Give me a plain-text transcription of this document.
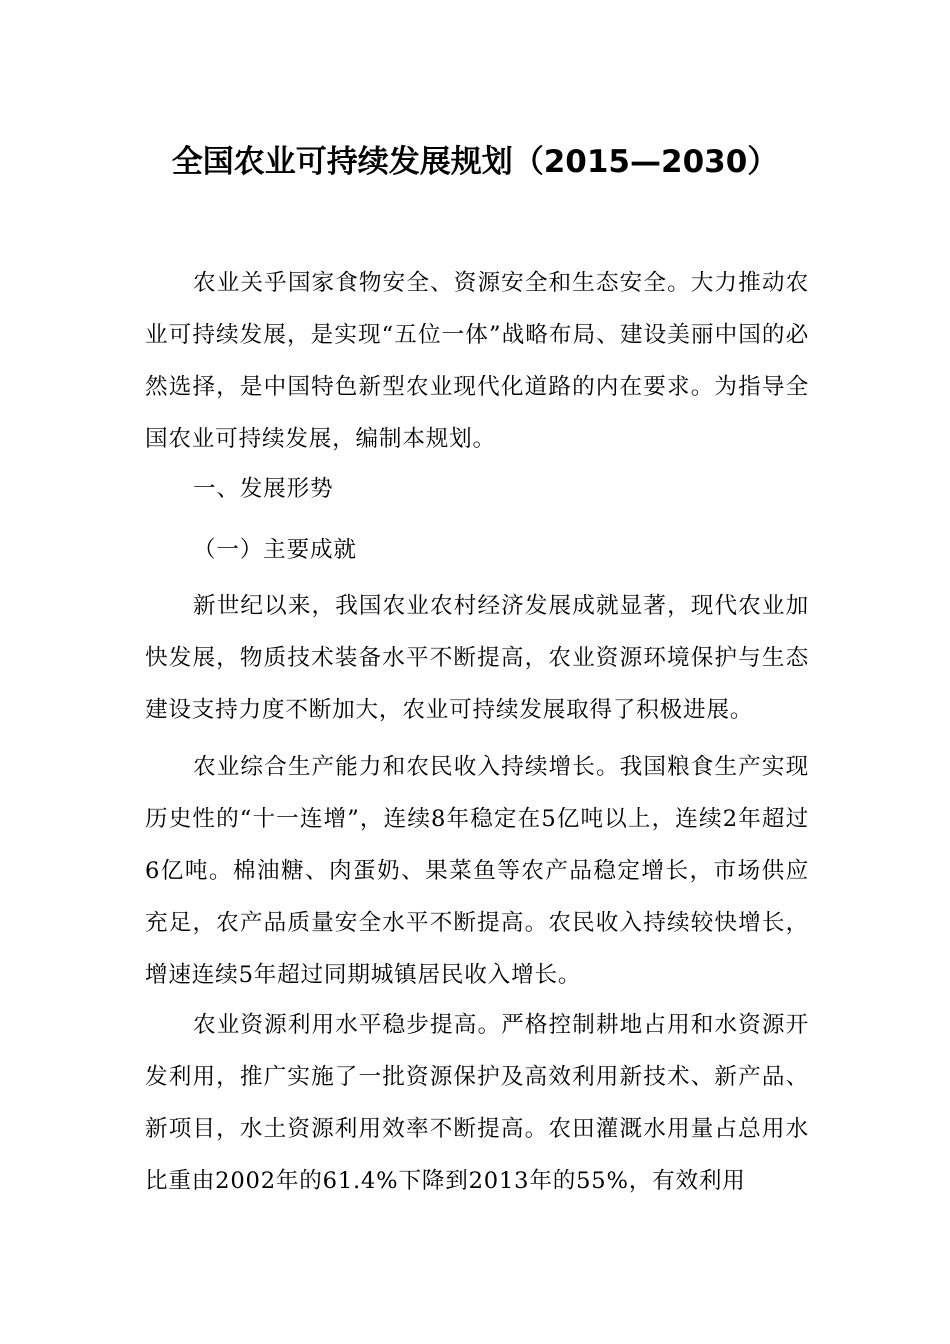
全国农业可持续发展规划（2015—2030）

农业关乎国家食物安全、资源安全和生态安全。大力推动农业可持续发展，是实现“五位一体”战略布局、建设美丽中国的必然选择，是中国特色新型农业现代化道路的内在要求。为指导全国农业可持续发展，编制本规划。

一、发展形势

（一）主要成就

新世纪以来，我国农业农村经济发展成就显著，现代农业加快发展，物质技术装备水平不断提高，农业资源环境保护与生态建设支持力度不断加大，农业可持续发展取得了积极进展。

农业综合生产能力和农民收入持续增长。我国粮食生产实现历史性的“十一连增”，连续8年稳定在5亿吨以上，连续2年超过6亿吨。棉油糖、肉蛋奶、果菜鱼等农产品稳定增长，市场供应充足，农产品质量安全水平不断提高。农民收入持续较快增长，增速连续5年超过同期城镇居民收入增长。

农业资源利用水平稳步提高。严格控制耕地占用和水资源开发利用，推广实施了一批资源保护及高效利用新技术、新产品、新项目，水土资源利用效率不断提高。农田灌溉水用量占总用水比重由2002年的61.4%下降到2013年的55%，有效利用
